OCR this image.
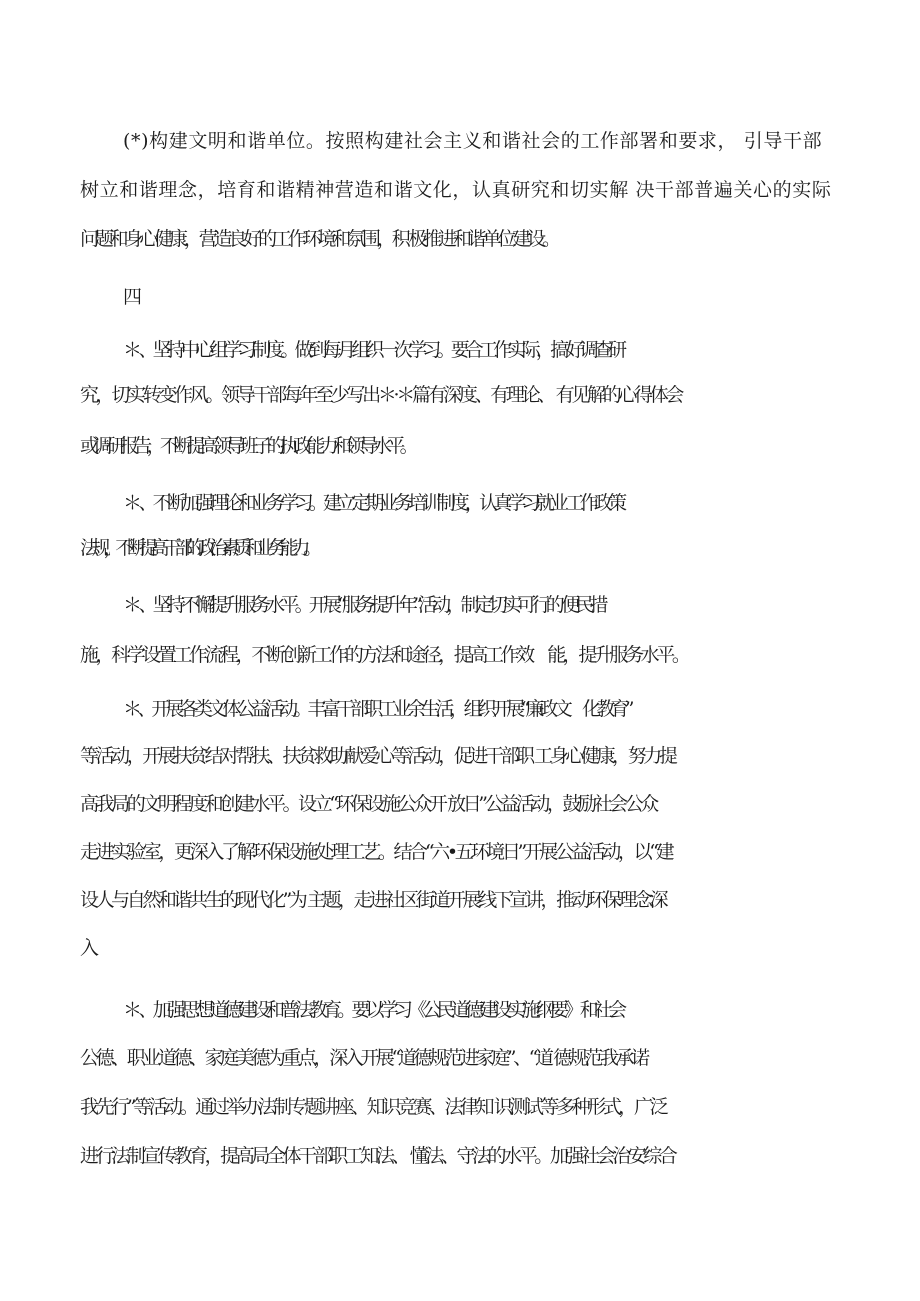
(*)构建文明和谐单位。按照构建社会主义和谐社会的工作部署和要求， 引导干部
树立和谐理念，培育和谐精神营造和谐文化，认真研究和切实解 决干部普遍关心的实际
问题和身心健康，营造良好的工作环境和氛围，积 极推进和谐单位建设。
＊ 、坚持中心组学习制度。做到每月组织一次学习。要合工作实际，搞 好调查研
究，切实转变作风。领导干部每年至少写出＊·＊篇有深度、有理论、 有见解的心得体会
或调研报告，不断提高领导班子的执政能力和领导水平。
＊ 、不断加强理论和业务学习。建立定期业务培训制度，认真学习就业 工作政策
法规，不断提高干部的政治素质和业务能力。
＊ 、坚持不懈提升服务水平。开展“服务提升年”活动，制定切实可行的 便民措
施，科学设置工作流程，不断创新工作的方法和途径，提高工作效　能，提升服务水平。
＊、开展各类文体公益活动。丰富干部职工业余生活，组织开展“廉政文　化教育”
等活动，开展扶贫结对帮扶、扶贫救助献爱心等活动，促进干部职 工身心健康，努力提
高我局的文明程度和创建水平。设立“环保设施公众开 放日”公益活动，鼓励社会公众
走进实验室，更深入了解环保设施处理工艺。结合“六•五环境日”开展公益活动，以“建
设人与自然和谐共生的现代化”为 主题，走进社区街道开展线下宣讲，推动环保理念深
＊ 、加强思想道德建设和普法教育。要以学习《公民道德建设实施纲要》 和社会
公德、职业道德、家庭美德为重点，深入开展“道德规范进家庭”、“道 德规范我承诺
我先行”等活动。通过举办法制专题讲座、知识竞赛、法律知 识测试等多种形式，广泛
进行法制宣传教育，提高局全体干部职工知法、 懂法、守法的水平。加强社会治安综合
